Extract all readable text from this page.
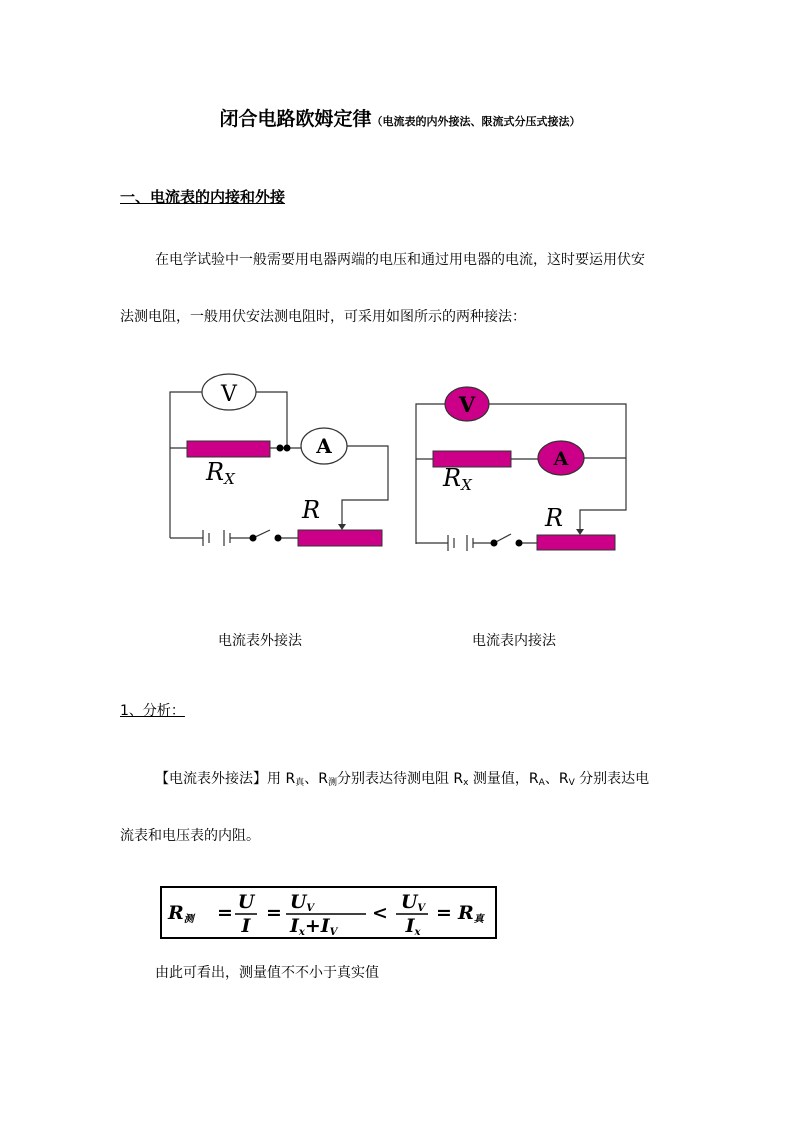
闭合电路欧姆定律（电流表的内外接法、限流式分压式接法）
一、电流表的内接和外接
在电学试验中一般需要用电器两端的电压和通过用电器的电流，这时要运用伏安
法测电阻，一般用伏安法测电阻时，可采用如图所示的两种接法：
V
A
RX
R
V
A
RX
R
电流表外接法	电流表内接法
1、分析：
【电流表外接法】用 $R_真$、$R_测$分别表达待测电阻 $R_x$ 测量值，$R_A$、$R_V$ 分别表达电
流表和电压表的内阻。
R测 = U
I
= UV
Ix+IV
< UV
Ix
= R真
由此可看出，测量值不不小于真实值
